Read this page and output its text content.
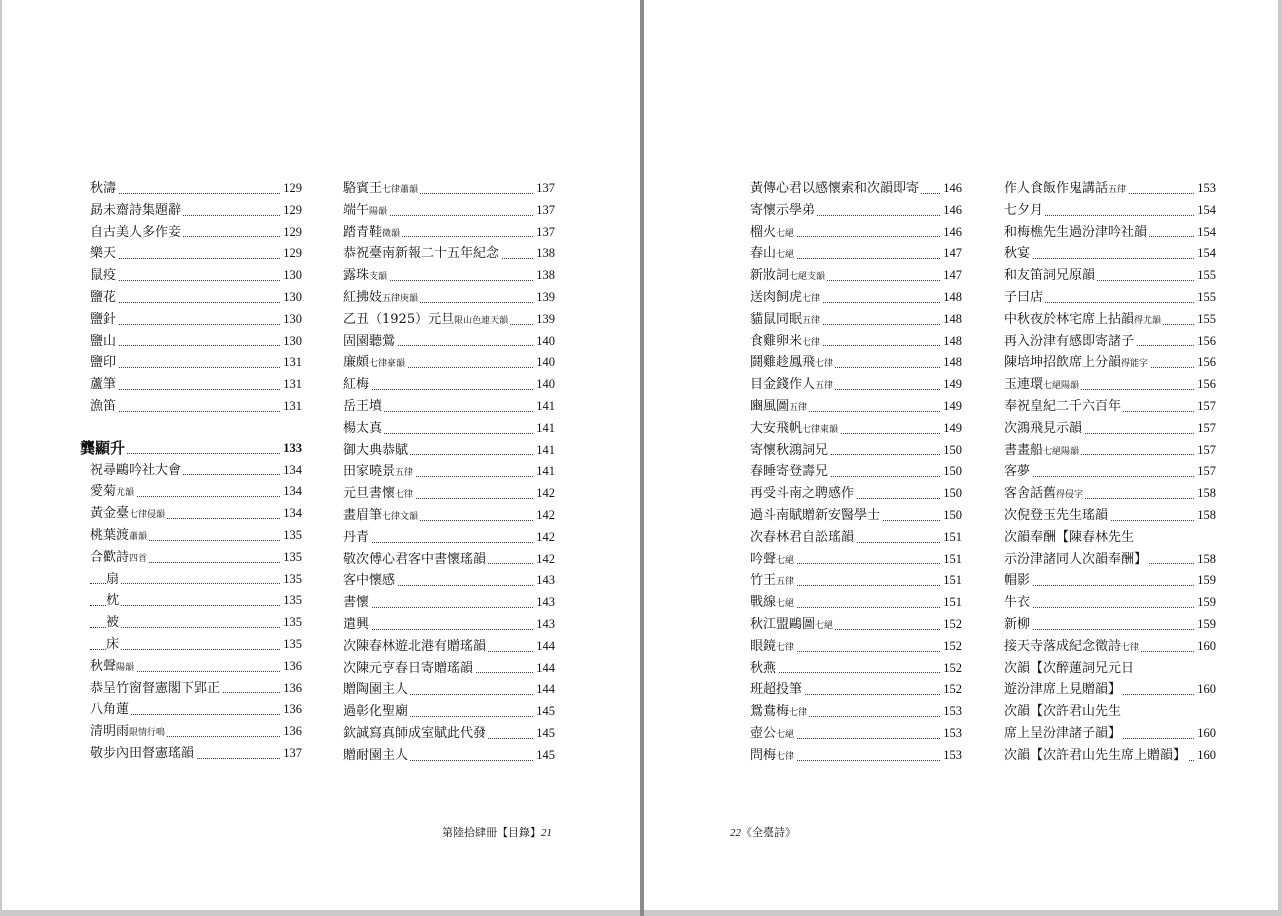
秋濤	129
勗未齋詩集題辭	129
自古美人多作妾	129
樂天	129
鼠疫	130
鹽花	130
鹽針	130
鹽山	130
鹽印	131
蘆筆	131
漁笛	131
龔顯升	133
祝尋鷗吟社大會	134
愛菊尤韻	134
黃金臺七律侵韻	134
桃葉渡蕭韻	135
合歡詩四首	135
扇	135
枕	135
被	135
床	135
秋聲陽韻	136
恭呈竹窗督憲閣下郢正	136
八角蓮	136
清明雨限情行鳴	136
敬步內田督憲瑤韻	137
駱賓王七律蕭韻	137
端午陽韻	137
踏青鞋微韻	137
恭祝臺南新報二十五年紀念	138
露珠支韻	138
紅拂妓五律庚韻	139
乙丑（1925）元旦限山色連天韻 139
固園聽鶯	140
廉頗七律豪韻	140
紅梅	140
岳王墳	141
楊太真	141
御大典恭賦	141
田家曉景五律	141
元旦書懷七律	142
畫眉筆七律文韻	142
丹青	142
敬次傅心君客中書懷瑤韻	142
客中懷感	143
書懷	143
遣興	143
次陳春林遊北港有贈瑤韻	144
次陳元亨春日寄贈瑤韻	144
贈陶園主人	144
過彰化聖廟	145
欽誠寫真師成室賦此代發	145
贈耐園主人	145
第陸拾肆冊【目錄】21
黃傳心君以感懷索和次韻即寄 146
寄懷示學弟	146
榴火七絕	146
春山七絕	147
新妝詞七絕支韻	147
送肉飼虎七律	148
貓鼠同眠五律	148
食雞卵米七律	148
鬪雞趁鳳飛七律	148
目金錢作人五律	149
豳風圖五律	149
大安飛帆七律東韻	149
寄懷秋鴻詞兄	150
春睡寄登壽兄	150
再受斗南之聘感作	150
過斗南賦贈新安醫學士	150
次春林君自訟瑤韻	151
吟聲七絕	151
竹王五律	151
戰線七絕	151
秋江盟鷗圖七絕	152
眼鏡七律	152
秋燕	152
班超投筆	152
鴛鴦梅七律	153
壺公七絕	153
問梅七律	153
作人食飯作鬼講話五律	153
七夕月	154
和梅樵先生過汾津吟社韻	154
秋宴	154
和友笛詞兄原韻	155
子曰店	155
中秋夜於林宅席上拈韻得尤韻	155
再入汾津有感即寄諸子	156
陳培坤招飲席上分韻得能字	156
玉連環七絕陽韻	156
奉祝皇紀二千六百年	157
次鴻飛見示韻	157
書畫船七絕陽韻	157
客夢	157
客舍話舊得侵字	158
次倪登玉先生瑤韻	158
次韻奉酬【陳春林先生
示汾津諸同人次韻奉酬】	158
帽影	159
牛衣	159
新柳	159
接天寺落成紀念徵詩七律	160
次韻【次醉蓮詞兄元日
遊汾津席上見贈韻】	160
次韻【次許君山先生
席上呈汾津諸子韻】	160
次韻【次許君山先生席上贈韻】 160
22《全臺詩》
